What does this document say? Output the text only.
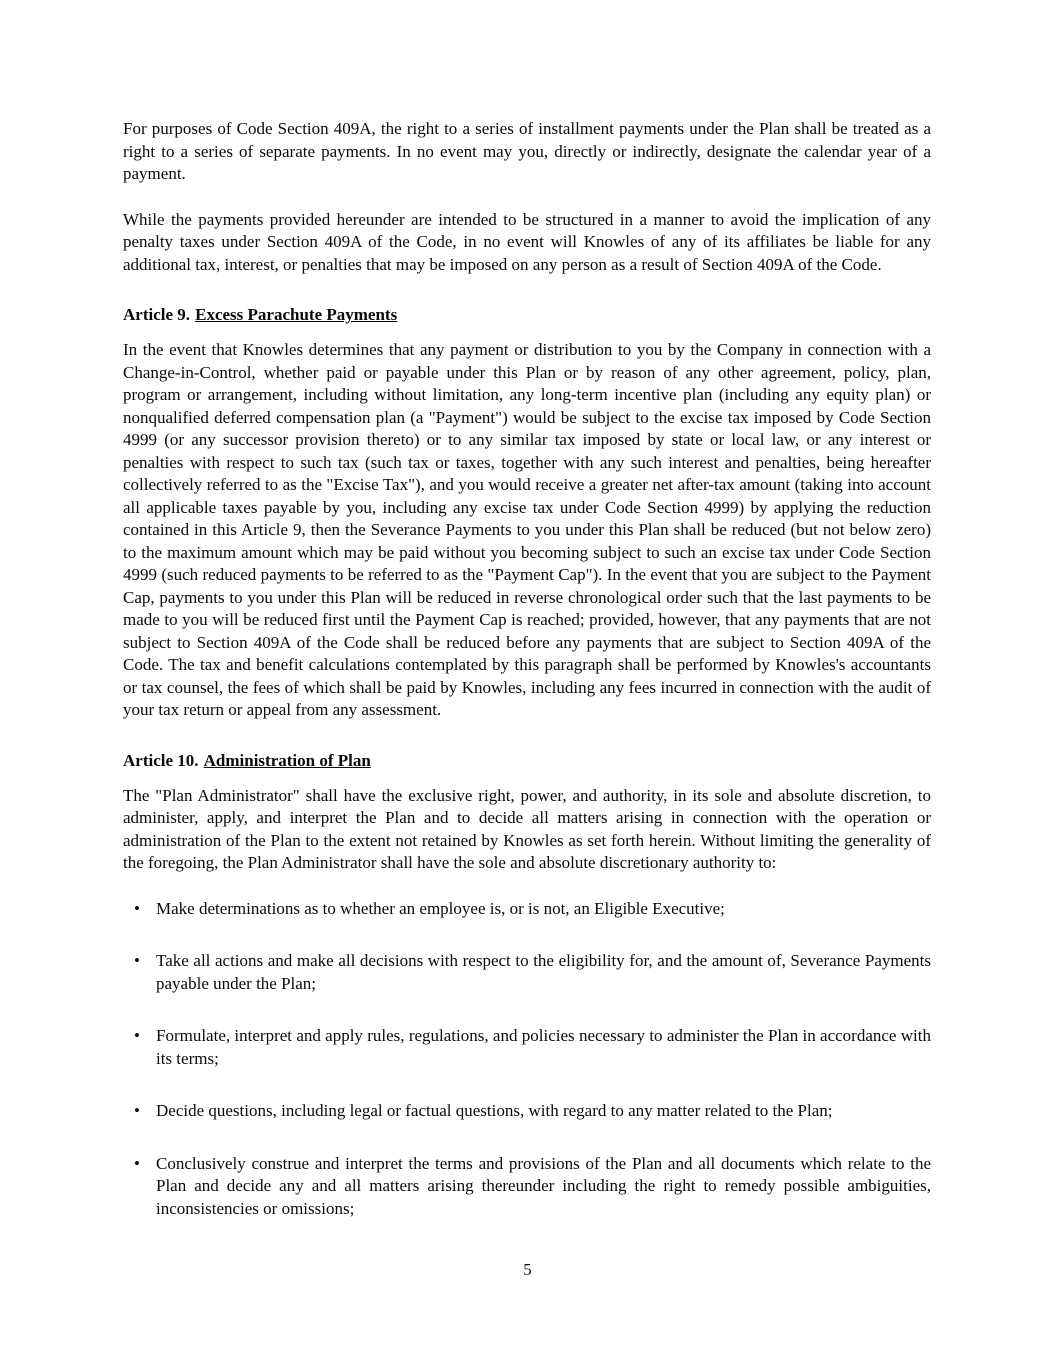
For purposes of Code Section 409A, the right to a series of installment payments under the Plan shall be treated as a right to a series of separate payments. In no event may you, directly or indirectly, designate the calendar year of a payment.

While the payments provided hereunder are intended to be structured in a manner to avoid the implication of any penalty taxes under Section 409A of the Code, in no event will Knowles of any of its affiliates be liable for any additional tax, interest, or penalties that may be imposed on any person as a result of Section 409A of the Code.

Article 9. Excess Parachute Payments

In the event that Knowles determines that any payment or distribution to you by the Company in connection with a Change-in-Control, whether paid or payable under this Plan or by reason of any other agreement, policy, plan, program or arrangement, including without limitation, any long-term incentive plan (including any equity plan) or nonqualified deferred compensation plan (a "Payment") would be subject to the excise tax imposed by Code Section 4999 (or any successor provision thereto) or to any similar tax imposed by state or local law, or any interest or penalties with respect to such tax (such tax or taxes, together with any such interest and penalties, being hereafter collectively referred to as the "Excise Tax"), and you would receive a greater net after-tax amount (taking into account all applicable taxes payable by you, including any excise tax under Code Section 4999) by applying the reduction contained in this Article 9, then the Severance Payments to you under this Plan shall be reduced (but not below zero) to the maximum amount which may be paid without you becoming subject to such an excise tax under Code Section 4999 (such reduced payments to be referred to as the "Payment Cap"). In the event that you are subject to the Payment Cap, payments to you under this Plan will be reduced in reverse chronological order such that the last payments to be made to you will be reduced first until the Payment Cap is reached; provided, however, that any payments that are not subject to Section 409A of the Code shall be reduced before any payments that are subject to Section 409A of the Code. The tax and benefit calculations contemplated by this paragraph shall be performed by Knowles's accountants or tax counsel, the fees of which shall be paid by Knowles, including any fees incurred in connection with the audit of your tax return or appeal from any assessment.

Article 10. Administration of Plan

The "Plan Administrator" shall have the exclusive right, power, and authority, in its sole and absolute discretion, to administer, apply, and interpret the Plan and to decide all matters arising in connection with the operation or administration of the Plan to the extent not retained by Knowles as set forth herein. Without limiting the generality of the foregoing, the Plan Administrator shall have the sole and absolute discretionary authority to:

• Make determinations as to whether an employee is, or is not, an Eligible Executive;
• Take all actions and make all decisions with respect to the eligibility for, and the amount of, Severance Payments payable under the Plan;
• Formulate, interpret and apply rules, regulations, and policies necessary to administer the Plan in accordance with its terms;
• Decide questions, including legal or factual questions, with regard to any matter related to the Plan;
• Conclusively construe and interpret the terms and provisions of the Plan and all documents which relate to the Plan and decide any and all matters arising thereunder including the right to remedy possible ambiguities, inconsistencies or omissions;
5
